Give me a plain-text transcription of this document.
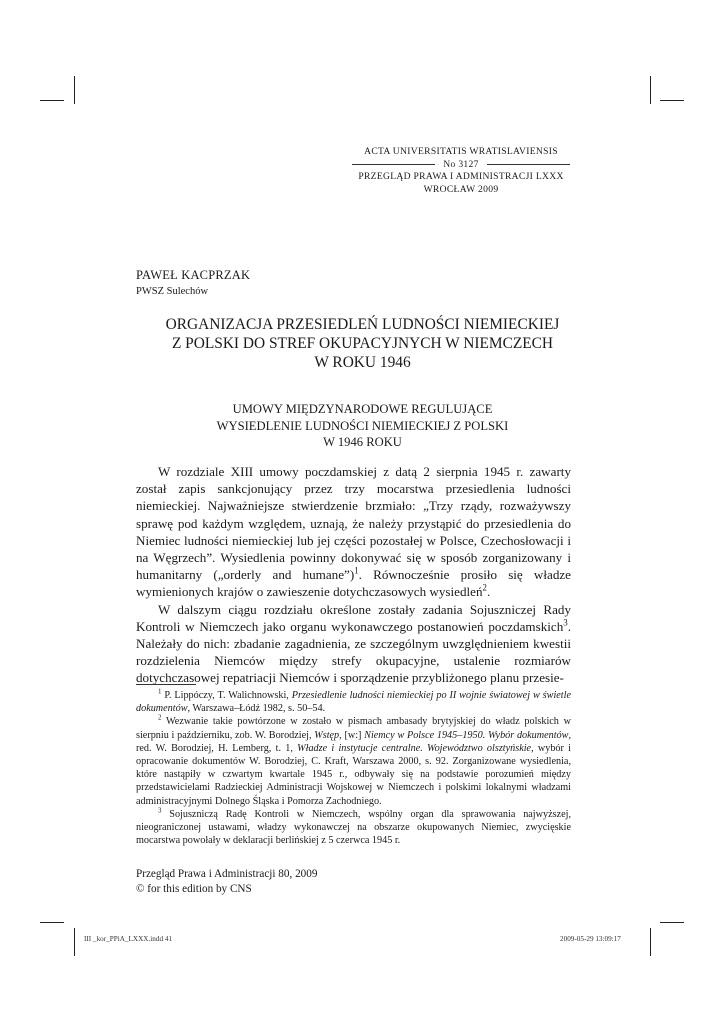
ACTA UNIVERSITATIS WRATISLAVIENSIS
No 3127
PRZEGLĄD PRAWA I ADMINISTRACJI LXXX
WROCŁAW 2009
PAWEŁ KACPRZAK
PWSZ Sulechów
ORGANIZACJA PRZESIEDLEŃ LUDNOŚCI NIEMIECKIEJ
Z POLSKI DO STREF OKUPACYJNYCH W NIEMCZECH
W ROKU 1946
UMOWY MIĘDZYNARODOWE REGULUJĄCE
WYSIEDLENIE LUDNOŚCI NIEMIECKIEJ Z POLSKI
W 1946 ROKU

W rozdziale XIII umowy poczdamskiej z datą 2 sierpnia 1945 r. zawarty został zapis sankcjonujący przez trzy mocarstwa przesiedlenia ludności niemieckiej. Najważniejsze stwierdzenie brzmiało: „Trzy rządy, rozważywszy sprawę pod każdym względem, uznają, że należy przystąpić do przesiedlenia do Niemiec ludności niemieckiej lub jej części pozostałej w Polsce, Czechosłowacji i na Węgrzech”. Wysiedlenia powinny dokonywać się w sposób zorganizowany i humanitarny („orderly and humane”)$^1$. Równocześnie prosiło się władze wymienionych krajów o zawieszenie dotychczasowych wysiedleń$^2$.

W dalszym ciągu rozdziału określone zostały zadania Sojuszniczej Rady Kontroli w Niemczech jako organu wykonawczego postanowień poczdamskich$^3$. Należały do nich: zbadanie zagadnienia, ze szczególnym uwzględnieniem kwestii rozdzielenia Niemców między strefy okupacyjne, ustalenie rozmiarów dotychczasowej repatriacji Niemców i sporządzenie przybliżonego planu przesie-

$^1$ P. Lippóczy, T. Walichnowski, Przesiedlenie ludności niemieckiej po II wojnie światowej w świetle dokumentów, Warszawa–Łódź 1982, s. 50–54.

$^2$ Wezwanie takie powtórzone w zostało w pismach ambasady brytyjskiej do władz polskich w sierpniu i październiku, zob. W. Borodziej, Wstęp, [w:] Niemcy w Polsce 1945–1950. Wybór dokumentów, red. W. Borodziej, H. Lemberg, t. 1, Władze i instytucje centralne. Województwo olsztyńskie, wybór i opracowanie dokumentów W. Borodziej, C. Kraft, Warszawa 2000, s. 92. Zorganizowane wysiedlenia, które nastąpiły w czwartym kwartale 1945 r., odbywały się na podstawie porozumień między przedstawicielami Radzieckiej Administracji Wojskowej w Niemczech i polskimi lokalnymi władzami administracyjnymi Dolnego Śląska i Pomorza Zachodniego.

$^3$ Sojuszniczą Radę Kontroli w Niemczech, wspólny organ dla sprawowania najwyższej, nieograniczonej ustawami, władzy wykonawczej na obszarze okupowanych Niemiec, zwycięskie mocarstwa powołały w deklaracji berlińskiej z 5 czerwca 1945 r.

Przegląd Prawa i Administracji 80, 2009
© for this edition by CNS
III _kor_PPiA_LXXX.indd 41	2009-05-29 13:09:17
